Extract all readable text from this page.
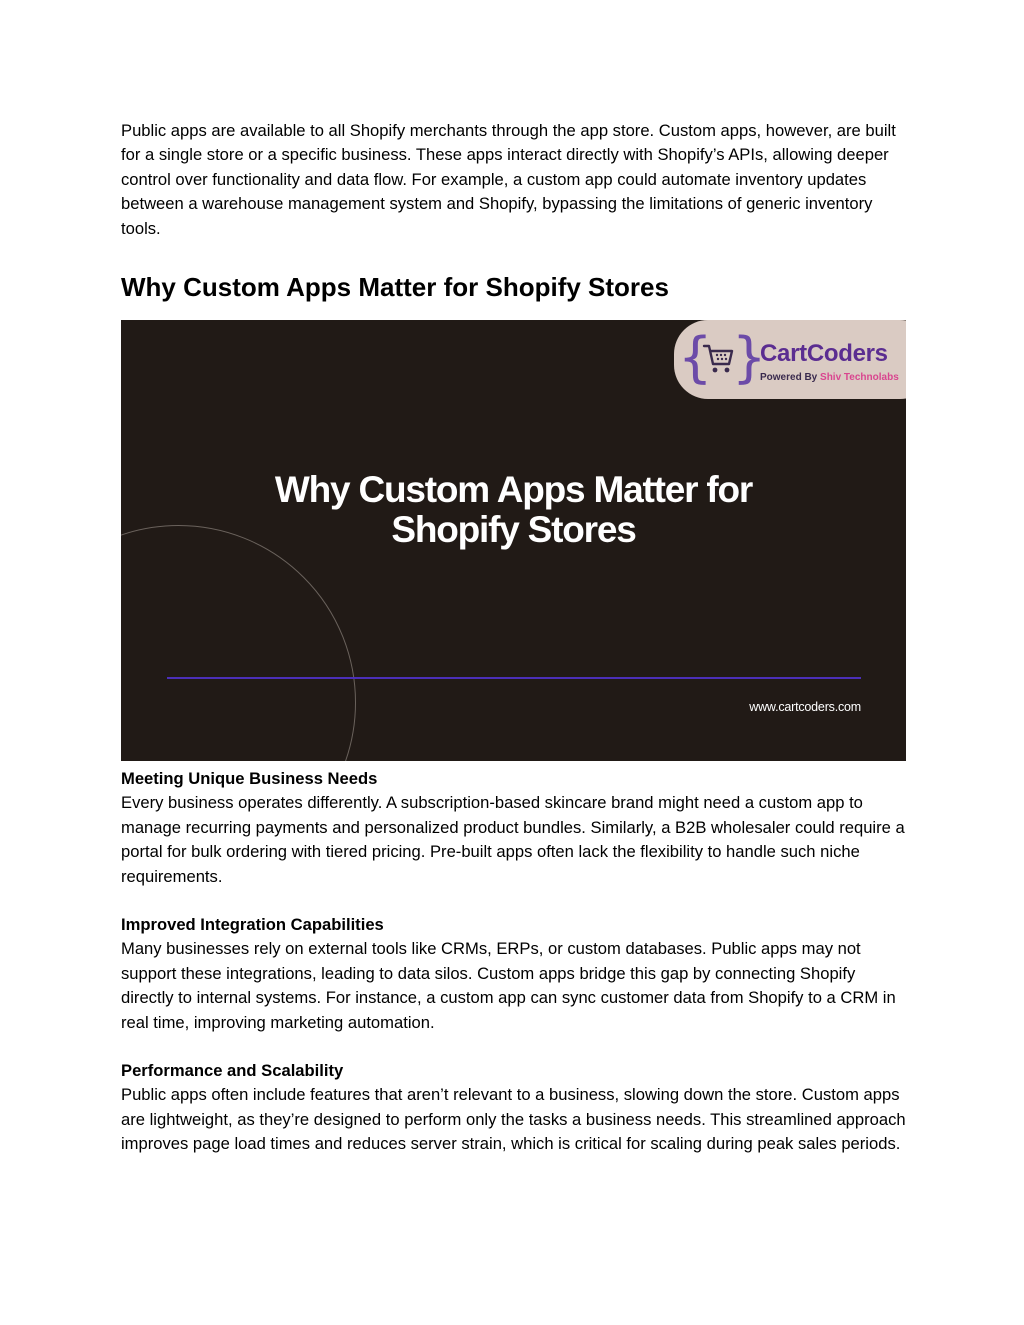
Public apps are available to all Shopify merchants through the app store. Custom apps, however, are built for a single store or a specific business. These apps interact directly with Shopify’s APIs, allowing deeper control over functionality and data flow. For example, a custom app could automate inventory updates between a warehouse management system and Shopify, bypassing the limitations of generic inventory tools.

Why Custom Apps Matter for Shopify Stores
{ }
CartCoders
Powered By Shiv Technolabs
Why Custom Apps Matter for
Shopify Stores
www.cartcoders.com

Meeting Unique Business Needs

Every business operates differently. A subscription-based skincare brand might need a custom app to manage recurring payments and personalized product bundles. Similarly, a B2B wholesaler could require a portal for bulk ordering with tiered pricing. Pre-built apps often lack the flexibility to handle such niche requirements.

Improved Integration Capabilities

Many businesses rely on external tools like CRMs, ERPs, or custom databases. Public apps may not support these integrations, leading to data silos. Custom apps bridge this gap by connecting Shopify directly to internal systems. For instance, a custom app can sync customer data from Shopify to a CRM in real time, improving marketing automation.

Performance and Scalability

Public apps often include features that aren’t relevant to a business, slowing down the store. Custom apps are lightweight, as they’re designed to perform only the tasks a business needs. This streamlined approach improves page load times and reduces server strain, which is critical for scaling during peak sales periods.
